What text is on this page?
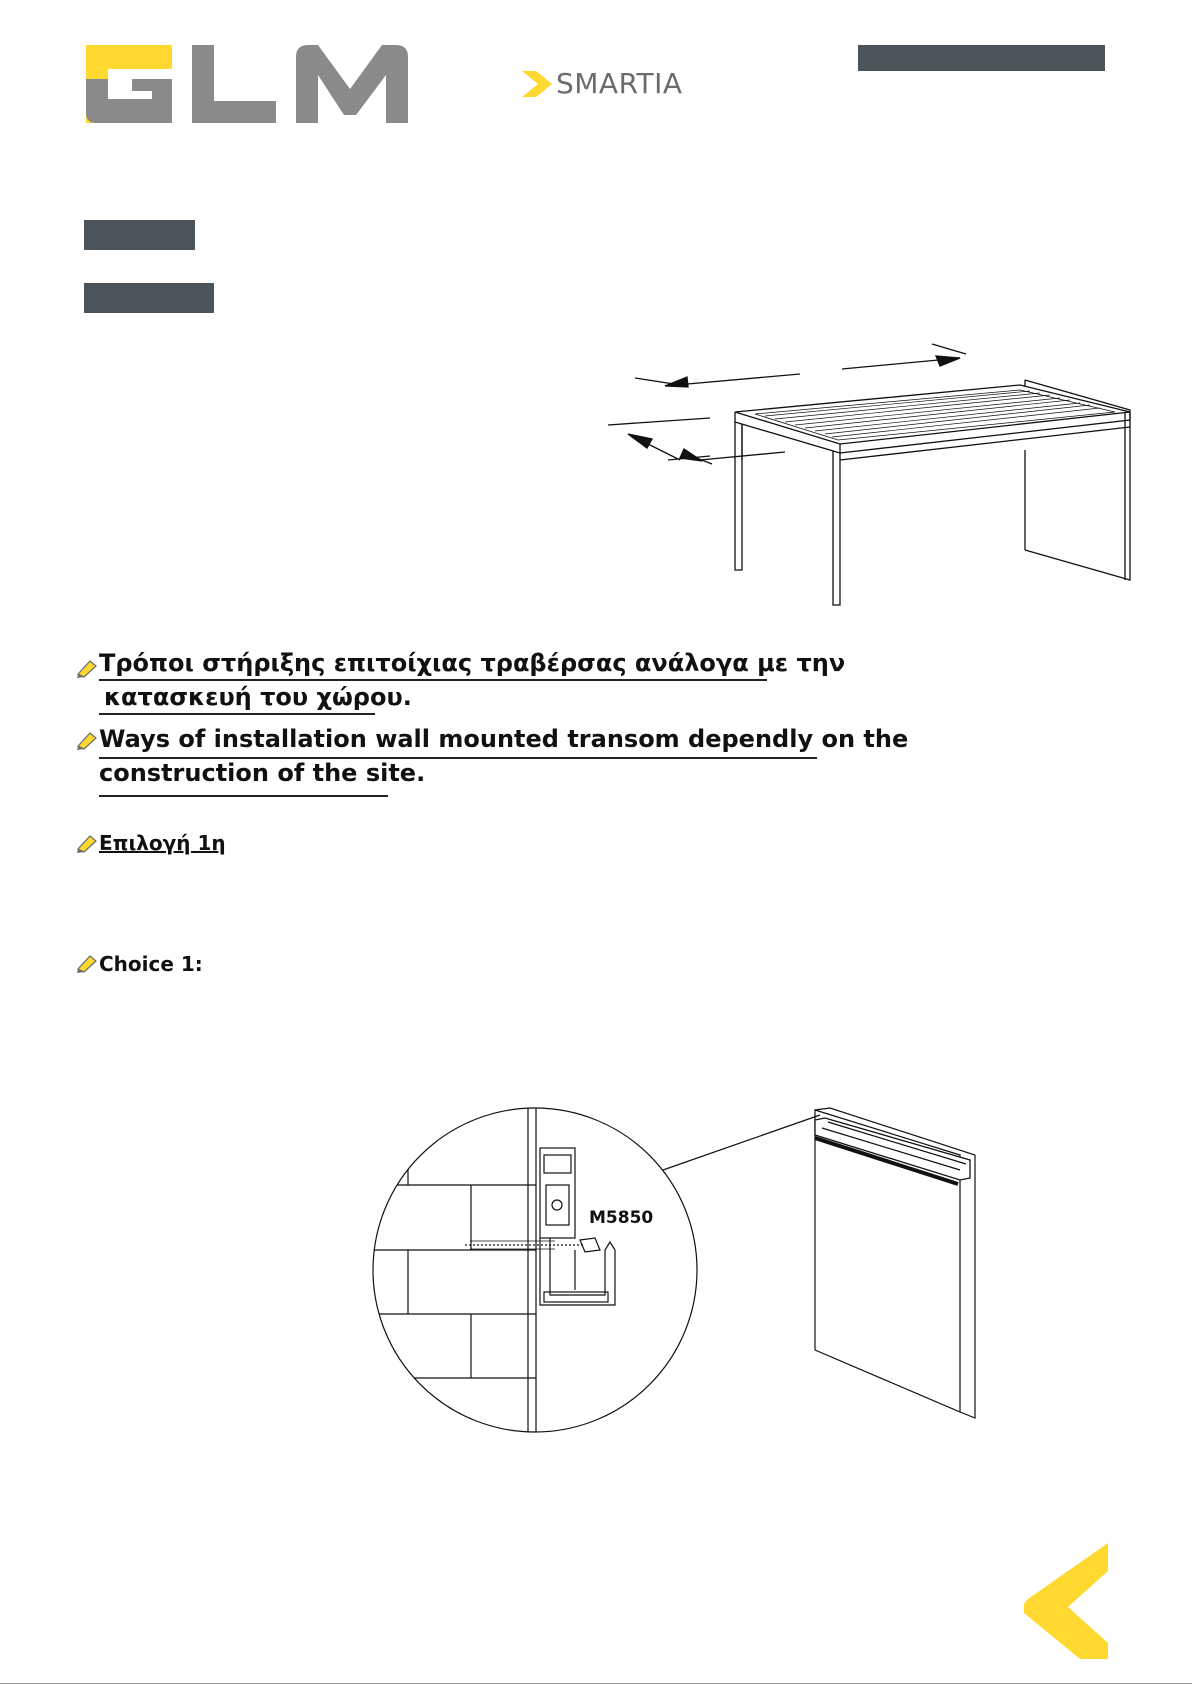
SMARTIA
Τρόποι στήριξης επιτοίχιας τραβέρσας ανάλογα με την
κατασκευή του χώρου.
Ways of installation wall mounted transom dependly on the
construction of the site.
Επιλογή 1η
Choice 1:
M5850
